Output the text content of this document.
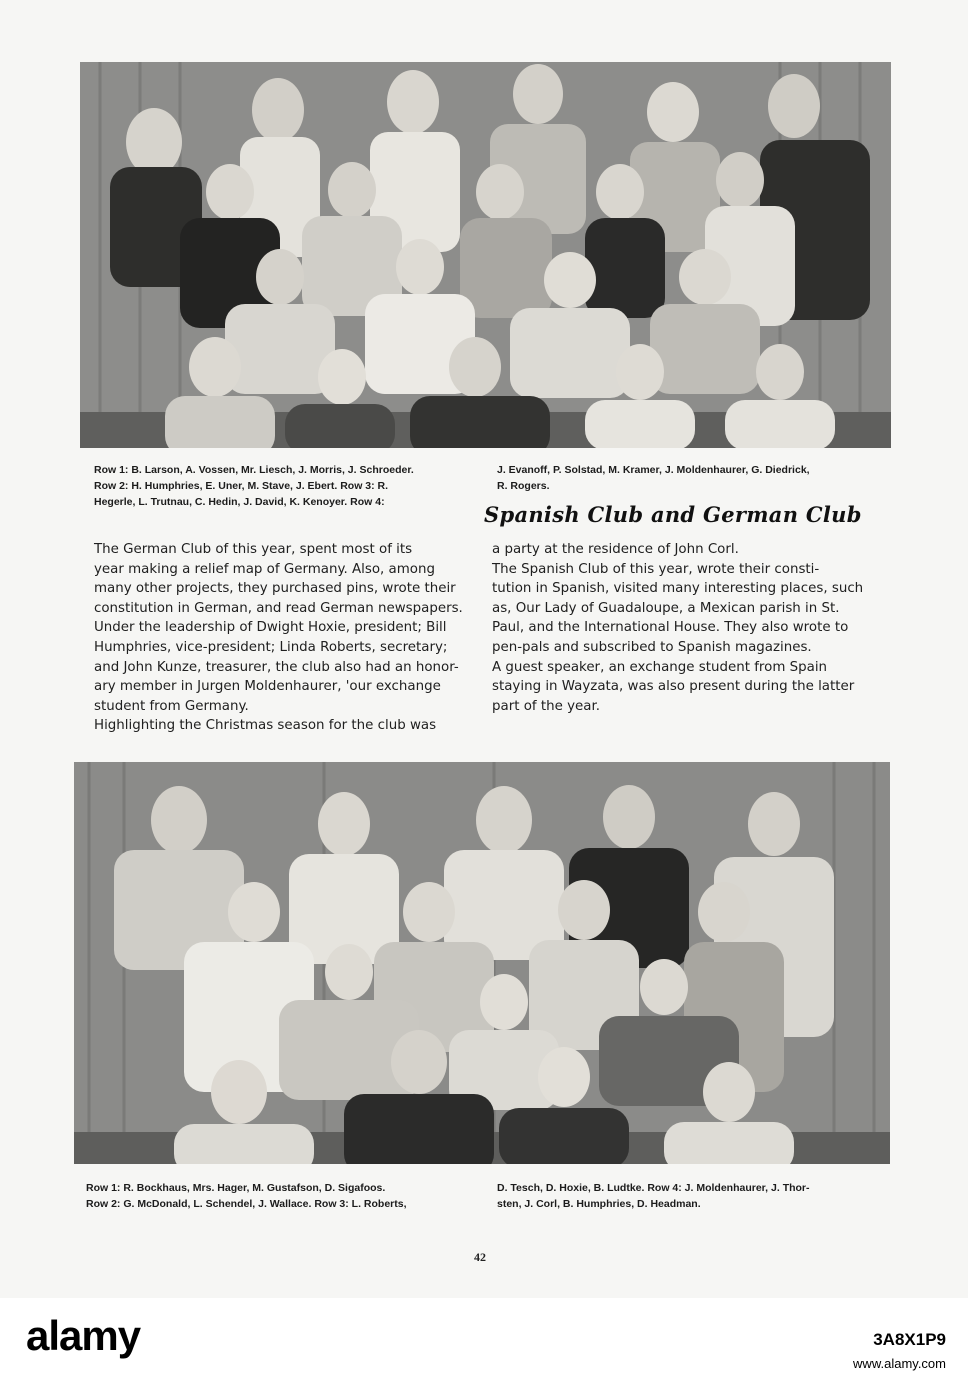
Row 1: B. Larson, A. Vossen, Mr. Liesch, J. Morris, J. Schroeder.
Row 2: H. Humphries, E. Uner, M. Stave, J. Ebert. Row 3: R.
Hegerle, L. Trutnau, C. Hedin, J. David, K. Kenoyer. Row 4:
J. Evanoff, P. Solstad, M. Kramer, J. Moldenhaurer, G. Diedrick,
R. Rogers.
Spanish Club and German Club
The German Club of this year, spent most of its
year making a relief map of Germany. Also, among
many other projects, they purchased pins, wrote their
constitution in German, and read German newspapers.
Under the leadership of Dwight Hoxie, president; Bill
Humphries, vice-president; Linda Roberts, secretary;
and John Kunze, treasurer, the club also had an honor-
ary member in Jurgen Moldenhaurer, 'our exchange
student from Germany.
Highlighting the Christmas season for the club was
a party at the residence of John Corl.
The Spanish Club of this year, wrote their consti-
tution in Spanish, visited many interesting places, such
as, Our Lady of Guadaloupe, a Mexican parish in St.
Paul, and the International House. They also wrote to
pen-pals and subscribed to Spanish magazines.
A guest speaker, an exchange student from Spain
staying in Wayzata, was also present during the latter
part of the year.
Row 1: R. Bockhaus, Mrs. Hager, M. Gustafson, D. Sigafoos.
Row 2: G. McDonald, L. Schendel, J. Wallace. Row 3: L. Roberts,
D. Tesch, D. Hoxie, B. Ludtke. Row 4: J. Moldenhaurer, J. Thor-
sten, J. Corl, B. Humphries, D. Headman.
42
alamy	3A8X1P9
www.alamy.com
